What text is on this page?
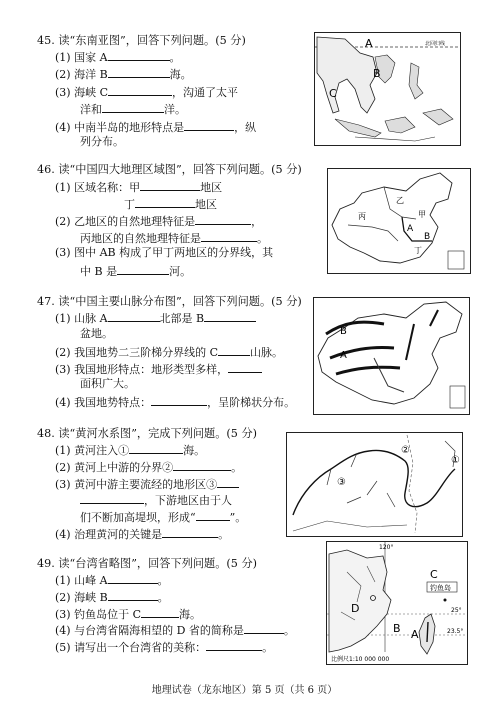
45. 读“东南亚图”，回答下列问题。(5 分)
(1) 国家 A	。
(2) 海洋 B	海。
(3) 海峡 C	，沟通了太平
洋和	洋。
(4) 中南半岛的地形特点是	，纵
列分布。
北回归线
A
B
C
46. 读“中国四大地理区域图”，回答下列问题。(5 分)
(1) 区域名称：甲	地区
丁	地区
(2) 乙地区的自然地理特征是	，
丙地区的自然地理特征是	。
(3) 图中 AB 构成了甲丁两地区的分界线，其
中 B 是	河。
丙
乙
甲
丁
A
B
47. 读“中国主要山脉分布图”，回答下列问题。(5 分)
(1) 山脉 A	北部是 B
盆地。
(2) 我国地势二三阶梯分界线的 C	山脉。
(3) 我国地形特点：地形类型多样，
面积广大。
(4) 我国地势特点：	，呈阶梯状分布。
B
A
48. 读“黄河水系图”，完成下列问题。(5 分)
(1) 黄河注入①	海。
(2) 黄河上中游的分界②	。
(3) 黄河中游主要流经的地形区③
，下游地区由于人
们不断加高堤坝，形成“	”。
(4) 治理黄河的关键是	。
②
①
③
49. 读“台湾省略图”，回答下列问题。(5 分)
(1) 山峰 A	。
(2) 海峡 B	。
(3) 钓鱼岛位于 C	海。
(4) 与台湾省隔海相望的 D 省的简称是	。
(5) 请写出一个台湾省的美称：	。
120°
25°
23.5°
钓鱼岛
C
D
B A
比例尺1:10 000 000
地理试卷（龙东地区）第 5 页（共 6 页）
